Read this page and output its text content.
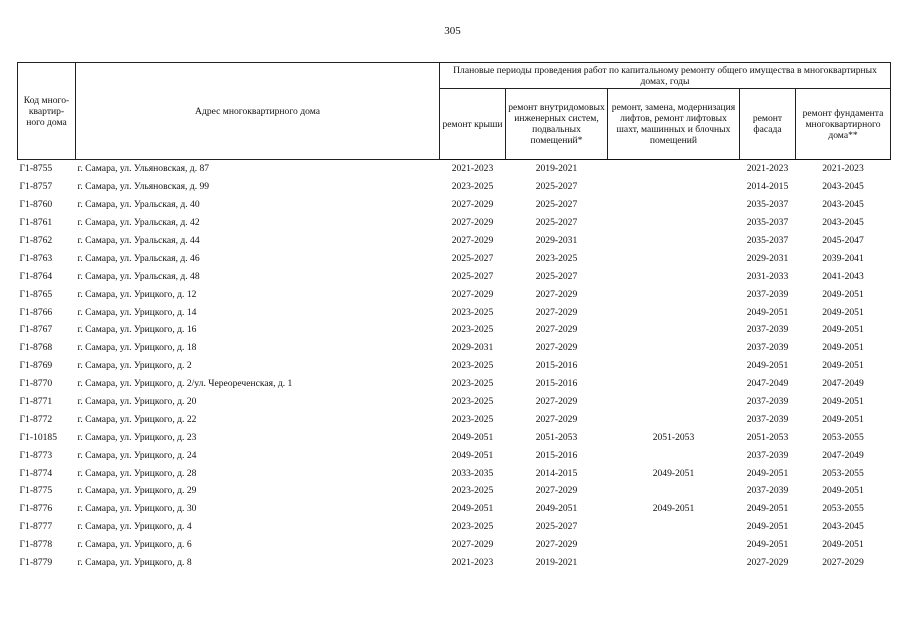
305
Код много-квартир-ного дома	Адрес многоквартирного дома	Плановые периоды проведения работ по капитальному ремонту общего имущества в многоквартирных домах, годы				
		ремонт крыши	ремонт внутридомовых инженерных систем, подвальных помещений*	ремонт, замена, модернизация лифтов, ремонт лифтовых шахт, машинных и блочных помещений	ремонт фасада	ремонт фундамента многоквартирного дома**
Г1-8755	г. Самара, ул. Ульяновская, д. 87	2021-2023	2019-2021		2021-2023	2021-2023
Г1-8757	г. Самара, ул. Ульяновская, д. 99	2023-2025	2025-2027		2014-2015	2043-2045
Г1-8760	г. Самара, ул. Уральская, д. 40	2027-2029	2025-2027		2035-2037	2043-2045
Г1-8761	г. Самара, ул. Уральская, д. 42	2027-2029	2025-2027		2035-2037	2043-2045
Г1-8762	г. Самара, ул. Уральская, д. 44	2027-2029	2029-2031		2035-2037	2045-2047
Г1-8763	г. Самара, ул. Уральская, д. 46	2025-2027	2023-2025		2029-2031	2039-2041
Г1-8764	г. Самара, ул. Уральская, д. 48	2025-2027	2025-2027		2031-2033	2041-2043
Г1-8765	г. Самара, ул. Урицкого, д. 12	2027-2029	2027-2029		2037-2039	2049-2051
Г1-8766	г. Самара, ул. Урицкого, д. 14	2023-2025	2027-2029		2049-2051	2049-2051
Г1-8767	г. Самара, ул. Урицкого, д. 16	2023-2025	2027-2029		2037-2039	2049-2051
Г1-8768	г. Самара, ул. Урицкого, д. 18	2029-2031	2027-2029		2037-2039	2049-2051
Г1-8769	г. Самара, ул. Урицкого, д. 2	2023-2025	2015-2016		2049-2051	2049-2051
Г1-8770	г. Самара, ул. Урицкого, д. 2/ул. Череореченская, д. 1	2023-2025	2015-2016		2047-2049	2047-2049
Г1-8771	г. Самара, ул. Урицкого, д. 20	2023-2025	2027-2029		2037-2039	2049-2051
Г1-8772	г. Самара, ул. Урицкого, д. 22	2023-2025	2027-2029		2037-2039	2049-2051
Г1-10185	г. Самара, ул. Урицкого, д. 23	2049-2051	2051-2053	2051-2053	2051-2053	2053-2055
Г1-8773	г. Самара, ул. Урицкого, д. 24	2049-2051	2015-2016		2037-2039	2047-2049
Г1-8774	г. Самара, ул. Урицкого, д. 28	2033-2035	2014-2015	2049-2051	2049-2051	2053-2055
Г1-8775	г. Самара, ул. Урицкого, д. 29	2023-2025	2027-2029		2037-2039	2049-2051
Г1-8776	г. Самара, ул. Урицкого, д. 30	2049-2051	2049-2051	2049-2051	2049-2051	2053-2055
Г1-8777	г. Самара, ул. Урицкого, д. 4	2023-2025	2025-2027		2049-2051	2043-2045
Г1-8778	г. Самара, ул. Урицкого, д. 6	2027-2029	2027-2029		2049-2051	2049-2051
Г1-8779	г. Самара, ул. Урицкого, д. 8	2021-2023	2019-2021		2027-2029	2027-2029
